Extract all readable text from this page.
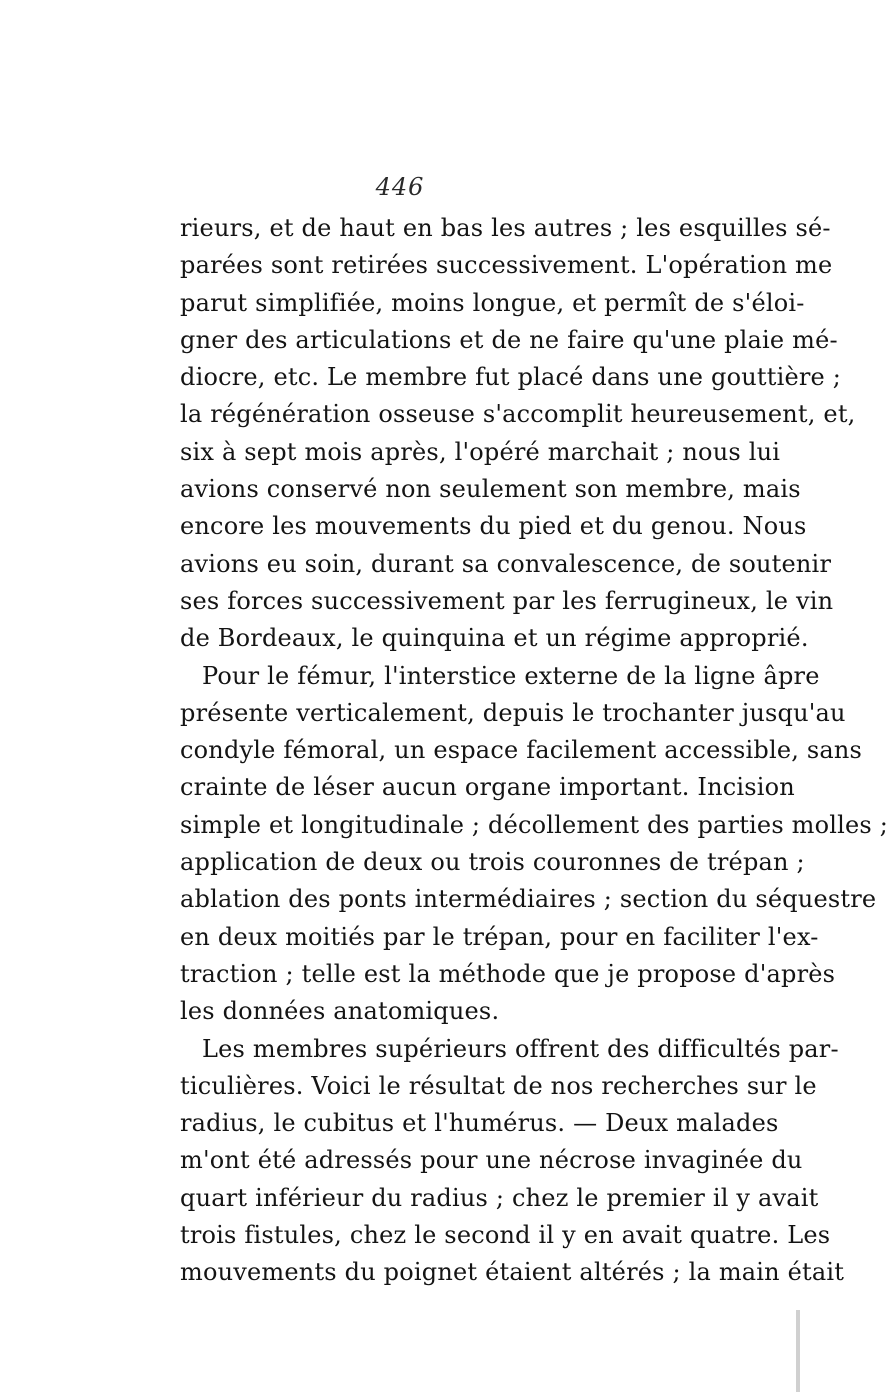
446
rieurs, et de haut en bas les autres ; les esquilles sé-
parées sont retirées successivement. L'opération me
parut simplifiée, moins longue, et permît de s'éloi-
gner des articulations et de ne faire qu'une plaie mé-
diocre, etc. Le membre fut placé dans une gouttière ;
la régénération osseuse s'accomplit heureusement, et,
six à sept mois après, l'opéré marchait ; nous lui
avions conservé non seulement son membre, mais
encore les mouvements du pied et du genou. Nous
avions eu soin, durant sa convalescence, de soutenir
ses forces successivement par les ferrugineux, le vin
de Bordeaux, le quinquina et un régime approprié.
Pour le fémur, l'interstice externe de la ligne âpre
présente verticalement, depuis le trochanter jusqu'au
condyle fémoral, un espace facilement accessible, sans
crainte de léser aucun organe important. Incision
simple et longitudinale ; décollement des parties molles ;
application de deux ou trois couronnes de trépan ;
ablation des ponts intermédiaires ; section du séquestre
en deux moitiés par le trépan, pour en faciliter l'ex-
traction ; telle est la méthode que je propose d'après
les données anatomiques.
Les membres supérieurs offrent des difficultés par-
ticulières. Voici le résultat de nos recherches sur le
radius, le cubitus et l'humérus. — Deux malades
m'ont été adressés pour une nécrose invaginée du
quart inférieur du radius ; chez le premier il y avait
trois fistules, chez le second il y en avait quatre. Les
mouvements du poignet étaient altérés ; la main était
